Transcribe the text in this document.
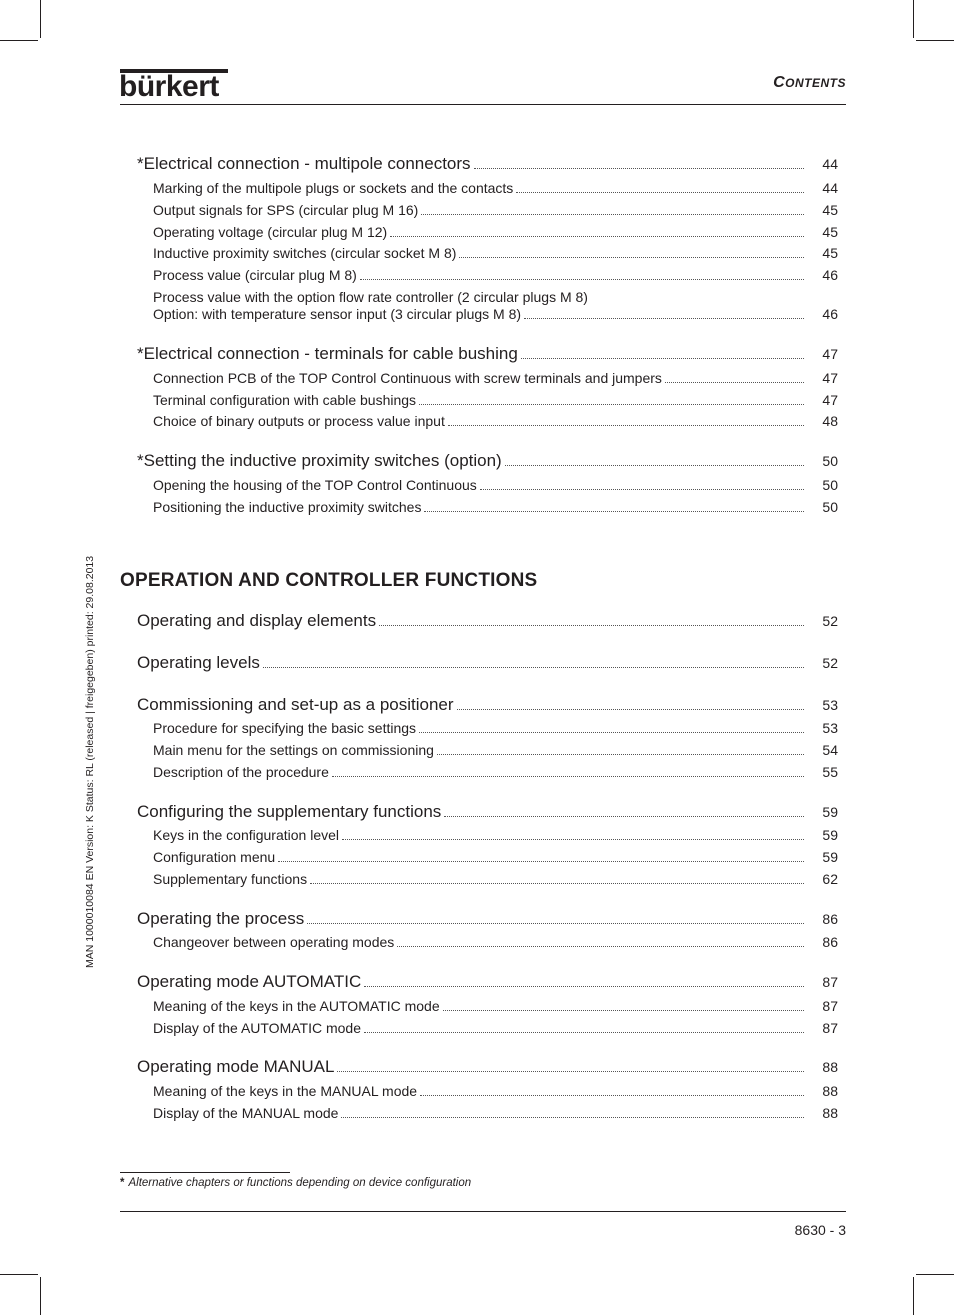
bürkert	CONTENTS
MAN 1000010084 EN Version: K Status: RL (released | freigegeben) printed: 29.08.2013
*Electrical connection - multipole connectors	44
Marking of the multipole plugs or sockets and the contacts	44
Output signals for SPS (circular plug M 16)	45
Operating voltage (circular plug M 12)	45
Inductive proximity switches (circular socket M 8)	45
Process value (circular plug M 8)	46
Process value with the option flow rate controller (2 circular plugs M 8)
Option: with temperature sensor input (3 circular plugs M 8)	46
*Electrical connection - terminals for cable bushing	47
Connection PCB of the TOP Control Continuous with screw terminals and jumpers	47
Terminal configuration with cable bushings	47
Choice of binary outputs or process value input	48
*Setting the inductive proximity switches (option)	50
Opening the housing of the TOP Control Continuous	50
Positioning the inductive proximity switches	50
OPERATION AND CONTROLLER FUNCTIONS
Operating and display elements	52
Operating levels	52
Commissioning and set-up as a positioner	53
Procedure for specifying the basic settings	53
Main menu for the settings on commissioning	54
Description of the procedure	55
Configuring the supplementary functions	59
Keys in the configuration level	59
Configuration menu	59
Supplementary functions	62
Operating the process	86
Changeover between operating modes	86
Operating mode AUTOMATIC	87
Meaning of the keys in the AUTOMATIC mode	87
Display of the AUTOMATIC mode	87
Operating mode MANUAL	88
Meaning of the keys in the MANUAL mode	88
Display of the MANUAL mode	88
* Alternative chapters or functions depending on device configuration
8630 - 3
